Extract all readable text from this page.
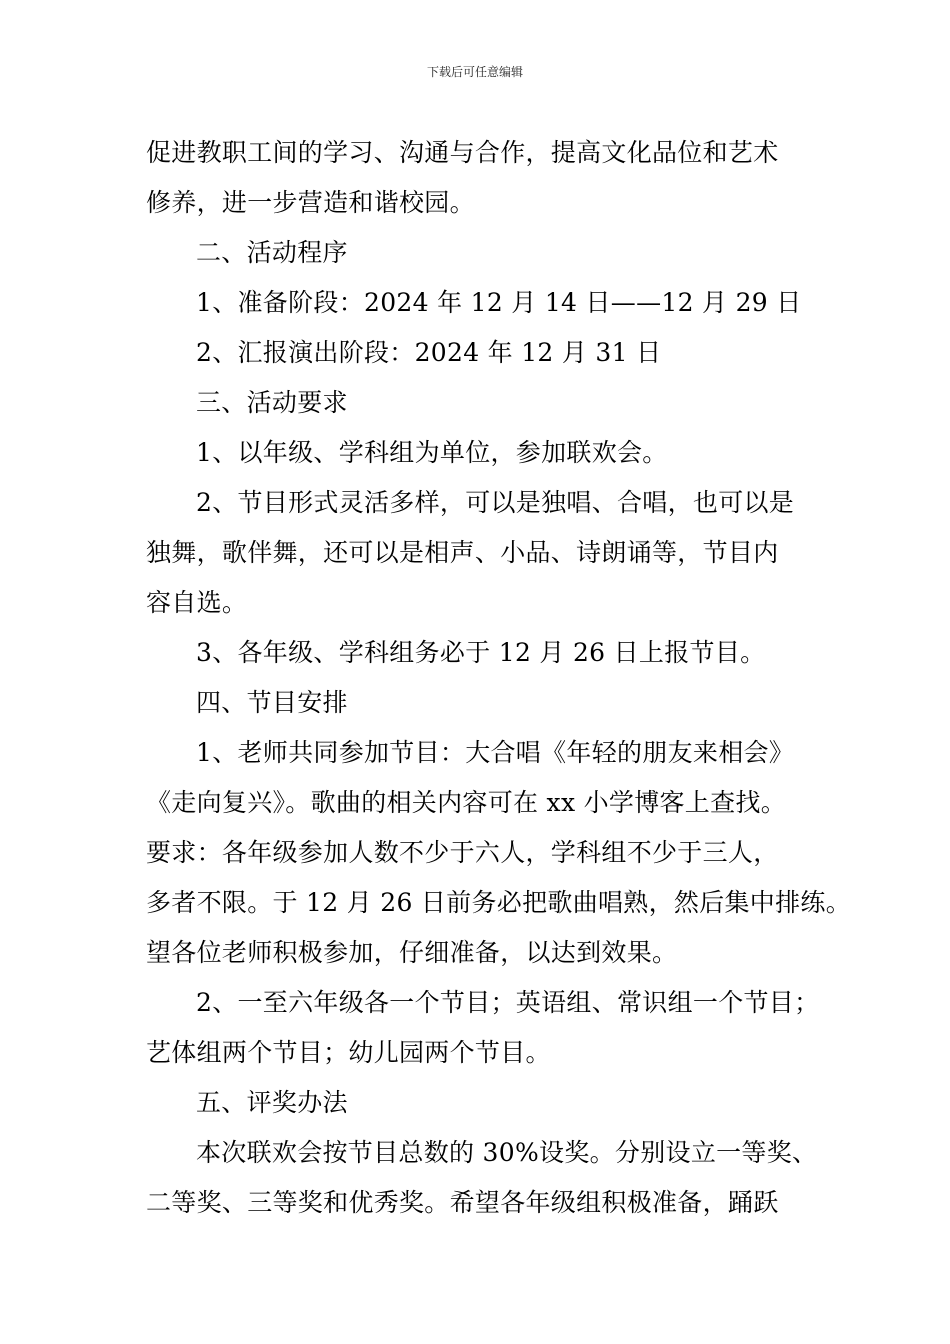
下载后可任意编辑

促进教职工间的学习、沟通与合作，提高文化品位和艺术

修养，进一步营造和谐校园。

二、活动程序

1、准备阶段：2024 年 12 月 14 日——12 月 29 日

2、汇报演出阶段：2024 年 12 月 31 日

三、活动要求

1、以年级、学科组为单位，参加联欢会。

2、节目形式灵活多样，可以是独唱、合唱，也可以是

独舞，歌伴舞，还可以是相声、小品、诗朗诵等，节目内

容自选。

3、各年级、学科组务必于 12 月 26 日上报节目。

四、节目安排

1、老师共同参加节目：大合唱《年轻的朋友来相会》

《走向复兴》。歌曲的相关内容可在 xx 小学博客上查找。

要求：各年级参加人数不少于六人，学科组不少于三人，

多者不限。于 12 月 26 日前务必把歌曲唱熟，然后集中排练。

望各位老师积极参加，仔细准备，以达到效果。

2、一至六年级各一个节目；英语组、常识组一个节目；

艺体组两个节目；幼儿园两个节目。

五、评奖办法

本次联欢会按节目总数的 30%设奖。分别设立一等奖、

二等奖、三等奖和优秀奖。希望各年级组积极准备，踊跃
